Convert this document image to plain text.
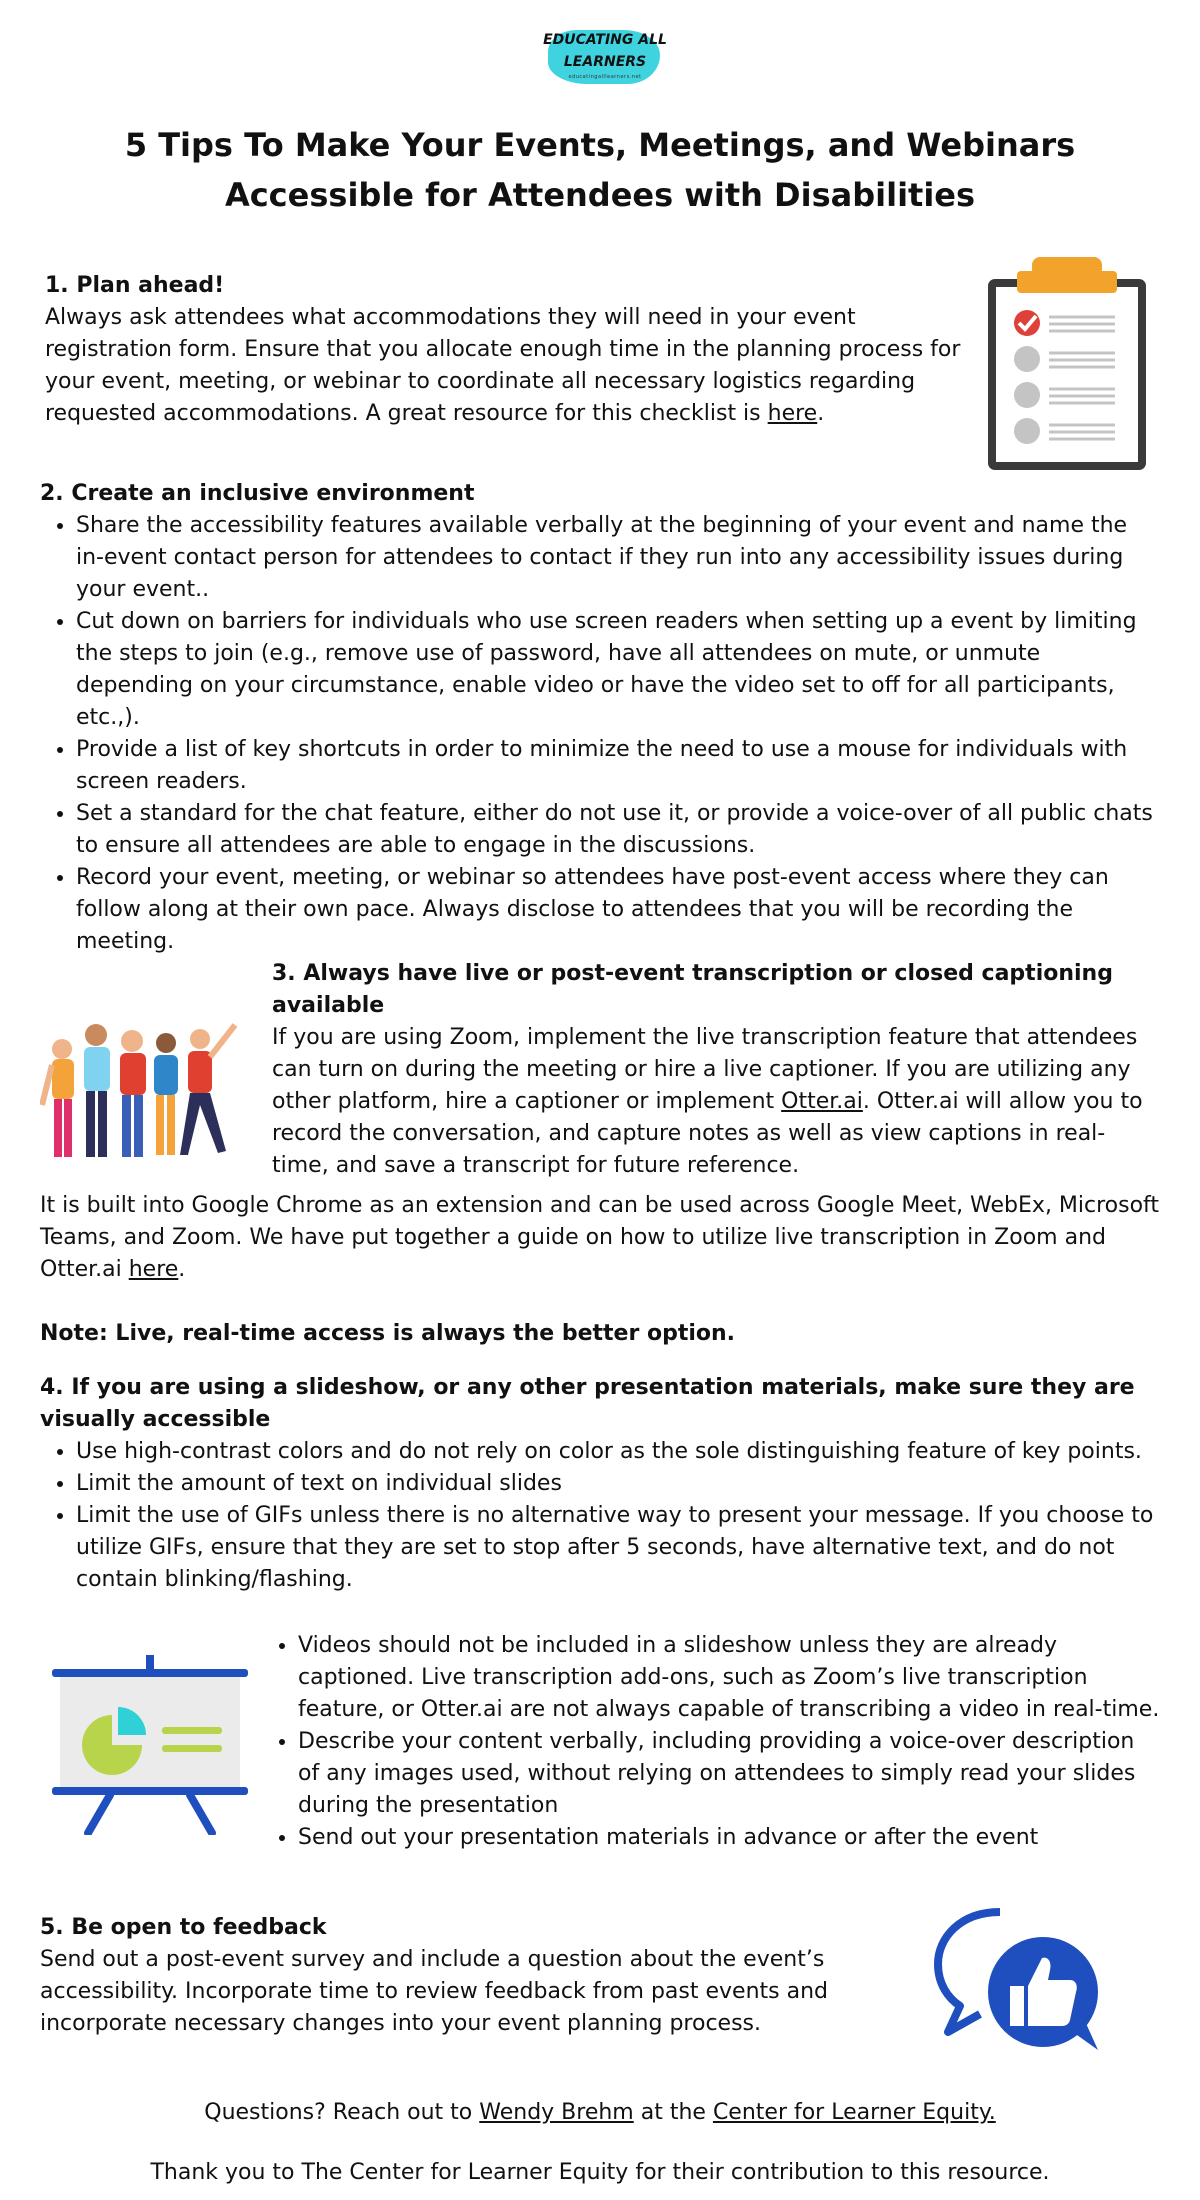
EDUCATING ALL
LEARNERS
educatingalllearners.net
5 Tips To Make Your Events, Meetings, and Webinars Accessible for Attendees with Disabilities
1. Plan ahead!

Always ask attendees what accommodations they will need in your event registration form. Ensure that you allocate enough time in the planning process for your event, meeting, or webinar to coordinate all necessary logistics regarding requested accommodations. A great resource for this checklist is here.

2. Create an inclusive environment
• Share the accessibility features available verbally at the beginning of your event and name the in-event contact person for attendees to contact if they run into any accessibility issues during your event..
• Cut down on barriers for individuals who use screen readers when setting up a event by limiting the steps to join (e.g., remove use of password, have all attendees on mute, or unmute depending on your circumstance, enable video or have the video set to off for all participants, etc.,).
• Provide a list of key shortcuts in order to minimize the need to use a mouse for individuals with screen readers.
• Set a standard for the chat feature, either do not use it, or provide a voice-over of all public chats to ensure all attendees are able to engage in the discussions.
• Record your event, meeting, or webinar so attendees have post-event access where they can follow along at their own pace. Always disclose to attendees that you will be recording the meeting.
3. Always have live or post-event transcription or closed captioning available

If you are using Zoom, implement the live transcription feature that attendees can turn on during the meeting or hire a live captioner. If you are utilizing any other platform, hire a captioner or implement Otter.ai. Otter.ai will allow you to record the conversation, and capture notes as well as view captions in real-time, and save a transcript for future reference.

It is built into Google Chrome as an extension and can be used across Google Meet, WebEx, Microsoft Teams, and Zoom. We have put together a guide on how to utilize live transcription in Zoom and Otter.ai here.

Note: Live, real-time access is always the better option.

4. If you are using a slideshow, or any other presentation materials, make sure they are visually accessible
• Use high-contrast colors and do not rely on color as the sole distinguishing feature of key points.
• Limit the amount of text on individual slides
• Limit the use of GIFs unless there is no alternative way to present your message. If you choose to utilize GIFs, ensure that they are set to stop after 5 seconds, have alternative text, and do not contain blinking/flashing.
• Videos should not be included in a slideshow unless they are already captioned. Live transcription add-ons, such as Zoom’s live transcription feature, or Otter.ai are not always capable of transcribing a video in real-time.
• Describe your content verbally, including providing a voice-over description of any images used, without relying on attendees to simply read your slides during the presentation
• Send out your presentation materials in advance or after the event
5. Be open to feedback

Send out a post-event survey and include a question about the event’s accessibility. Incorporate time to review feedback from past events and incorporate necessary changes into your event planning process.

Questions? Reach out to Wendy Brehm at the Center for Learner Equity.
Thank you to The Center for Learner Equity for their contribution to this resource.
